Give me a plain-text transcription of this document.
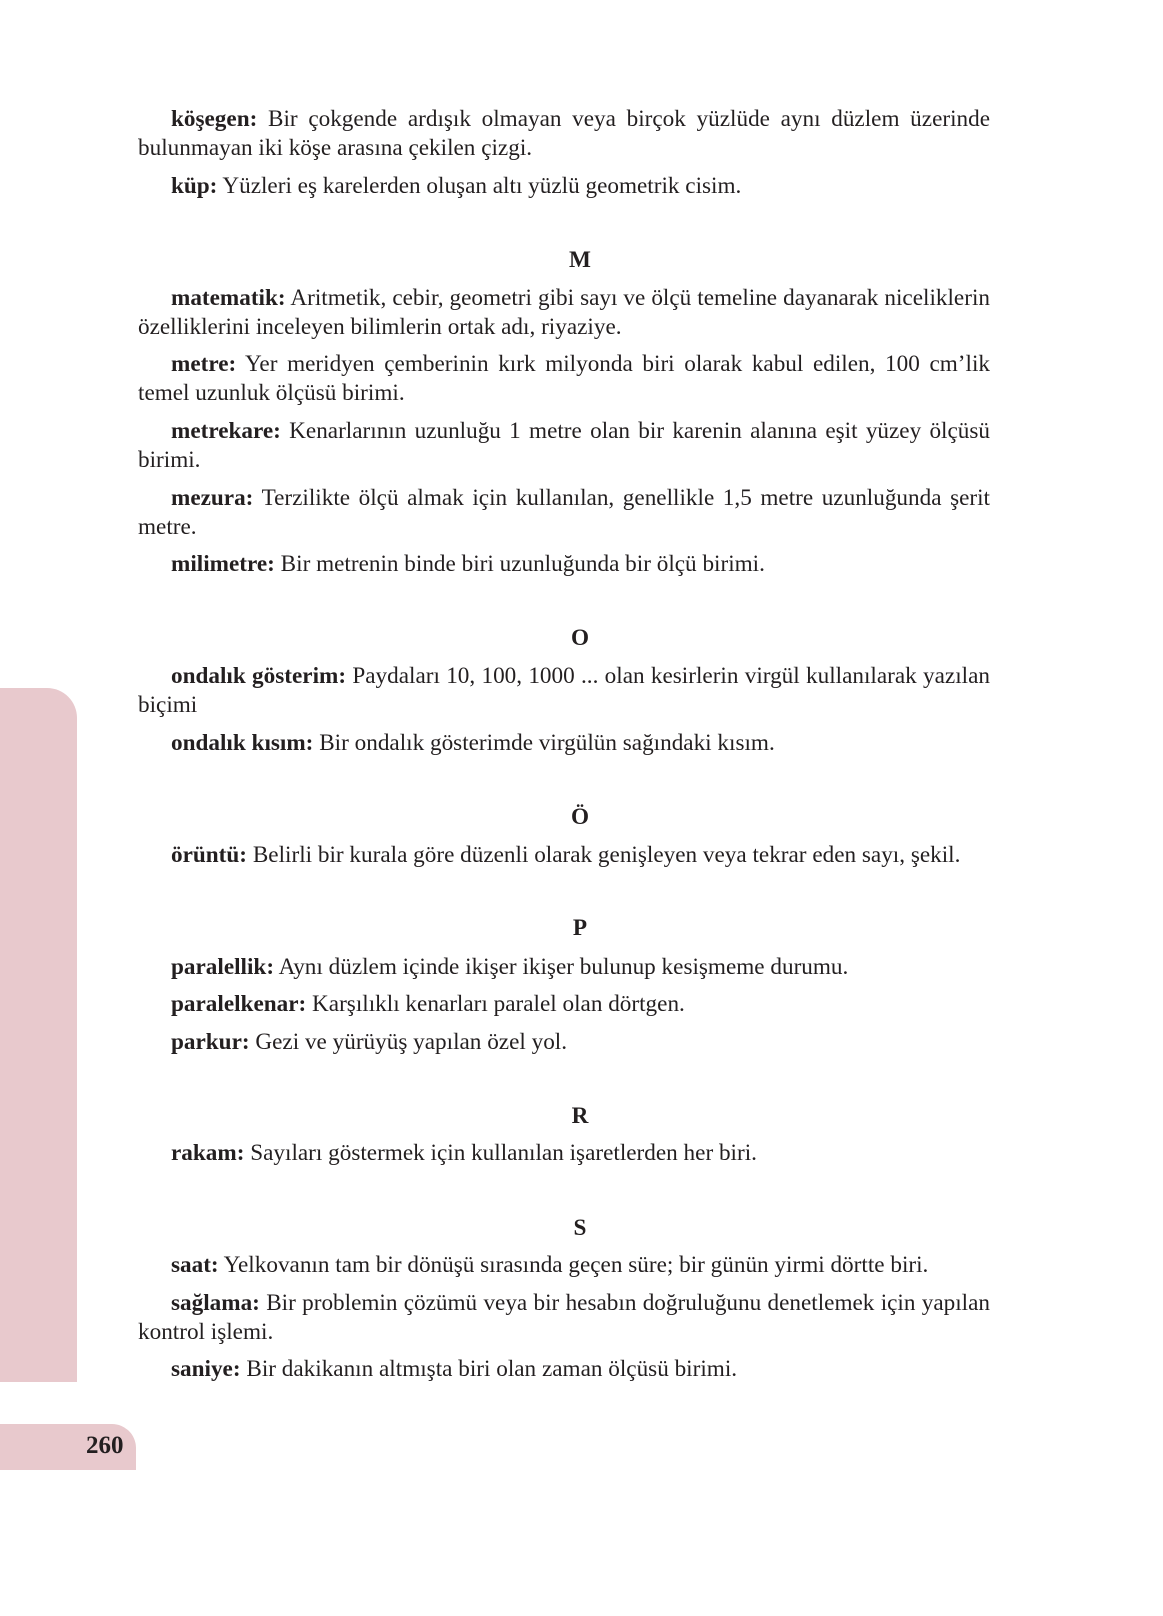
260
köşegen: Bir çokgende ardışık olmayan veya birçok yüzlüde aynı düzlem üzerinde bulunmayan iki köşe arasına çekilen çizgi.
küp: Yüzleri eş karelerden oluşan altı yüzlü geometrik cisim.
M
matematik: Aritmetik, cebir, geometri gibi sayı ve ölçü temeline dayanarak niceliklerin özelliklerini inceleyen bilimlerin ortak adı, riyaziye.
metre: Yer meridyen çemberinin kırk milyonda biri olarak kabul edilen, 100 cm’lik temel uzunluk ölçüsü birimi.
metrekare: Kenarlarının uzunluğu 1 metre olan bir karenin alanına eşit yüzey ölçüsü birimi.
mezura: Terzilikte ölçü almak için kullanılan, genellikle 1,5 metre uzunluğunda şerit metre.
milimetre: Bir metrenin binde biri uzunluğunda bir ölçü birimi.
O
ondalık gösterim: Paydaları 10, 100, 1000 ... olan kesirlerin virgül kullanılarak yazılan biçimi
ondalık kısım: Bir ondalık gösterimde virgülün sağındaki kısım.
Ö
örüntü: Belirli bir kurala göre düzenli olarak genişleyen veya tekrar eden sayı, şekil.
P
paralellik: Aynı düzlem içinde ikişer ikişer bulunup kesişmeme durumu.
paralelkenar: Karşılıklı kenarları paralel olan dörtgen.
parkur: Gezi ve yürüyüş yapılan özel yol.
R
rakam: Sayıları göstermek için kullanılan işaretlerden her biri.
S
saat: Yelkovanın tam bir dönüşü sırasında geçen süre; bir günün yirmi dörtte biri.
sağlama: Bir problemin çözümü veya bir hesabın doğruluğunu denetlemek için yapılan kontrol işlemi.
saniye: Bir dakikanın altmışta biri olan zaman ölçüsü birimi.
